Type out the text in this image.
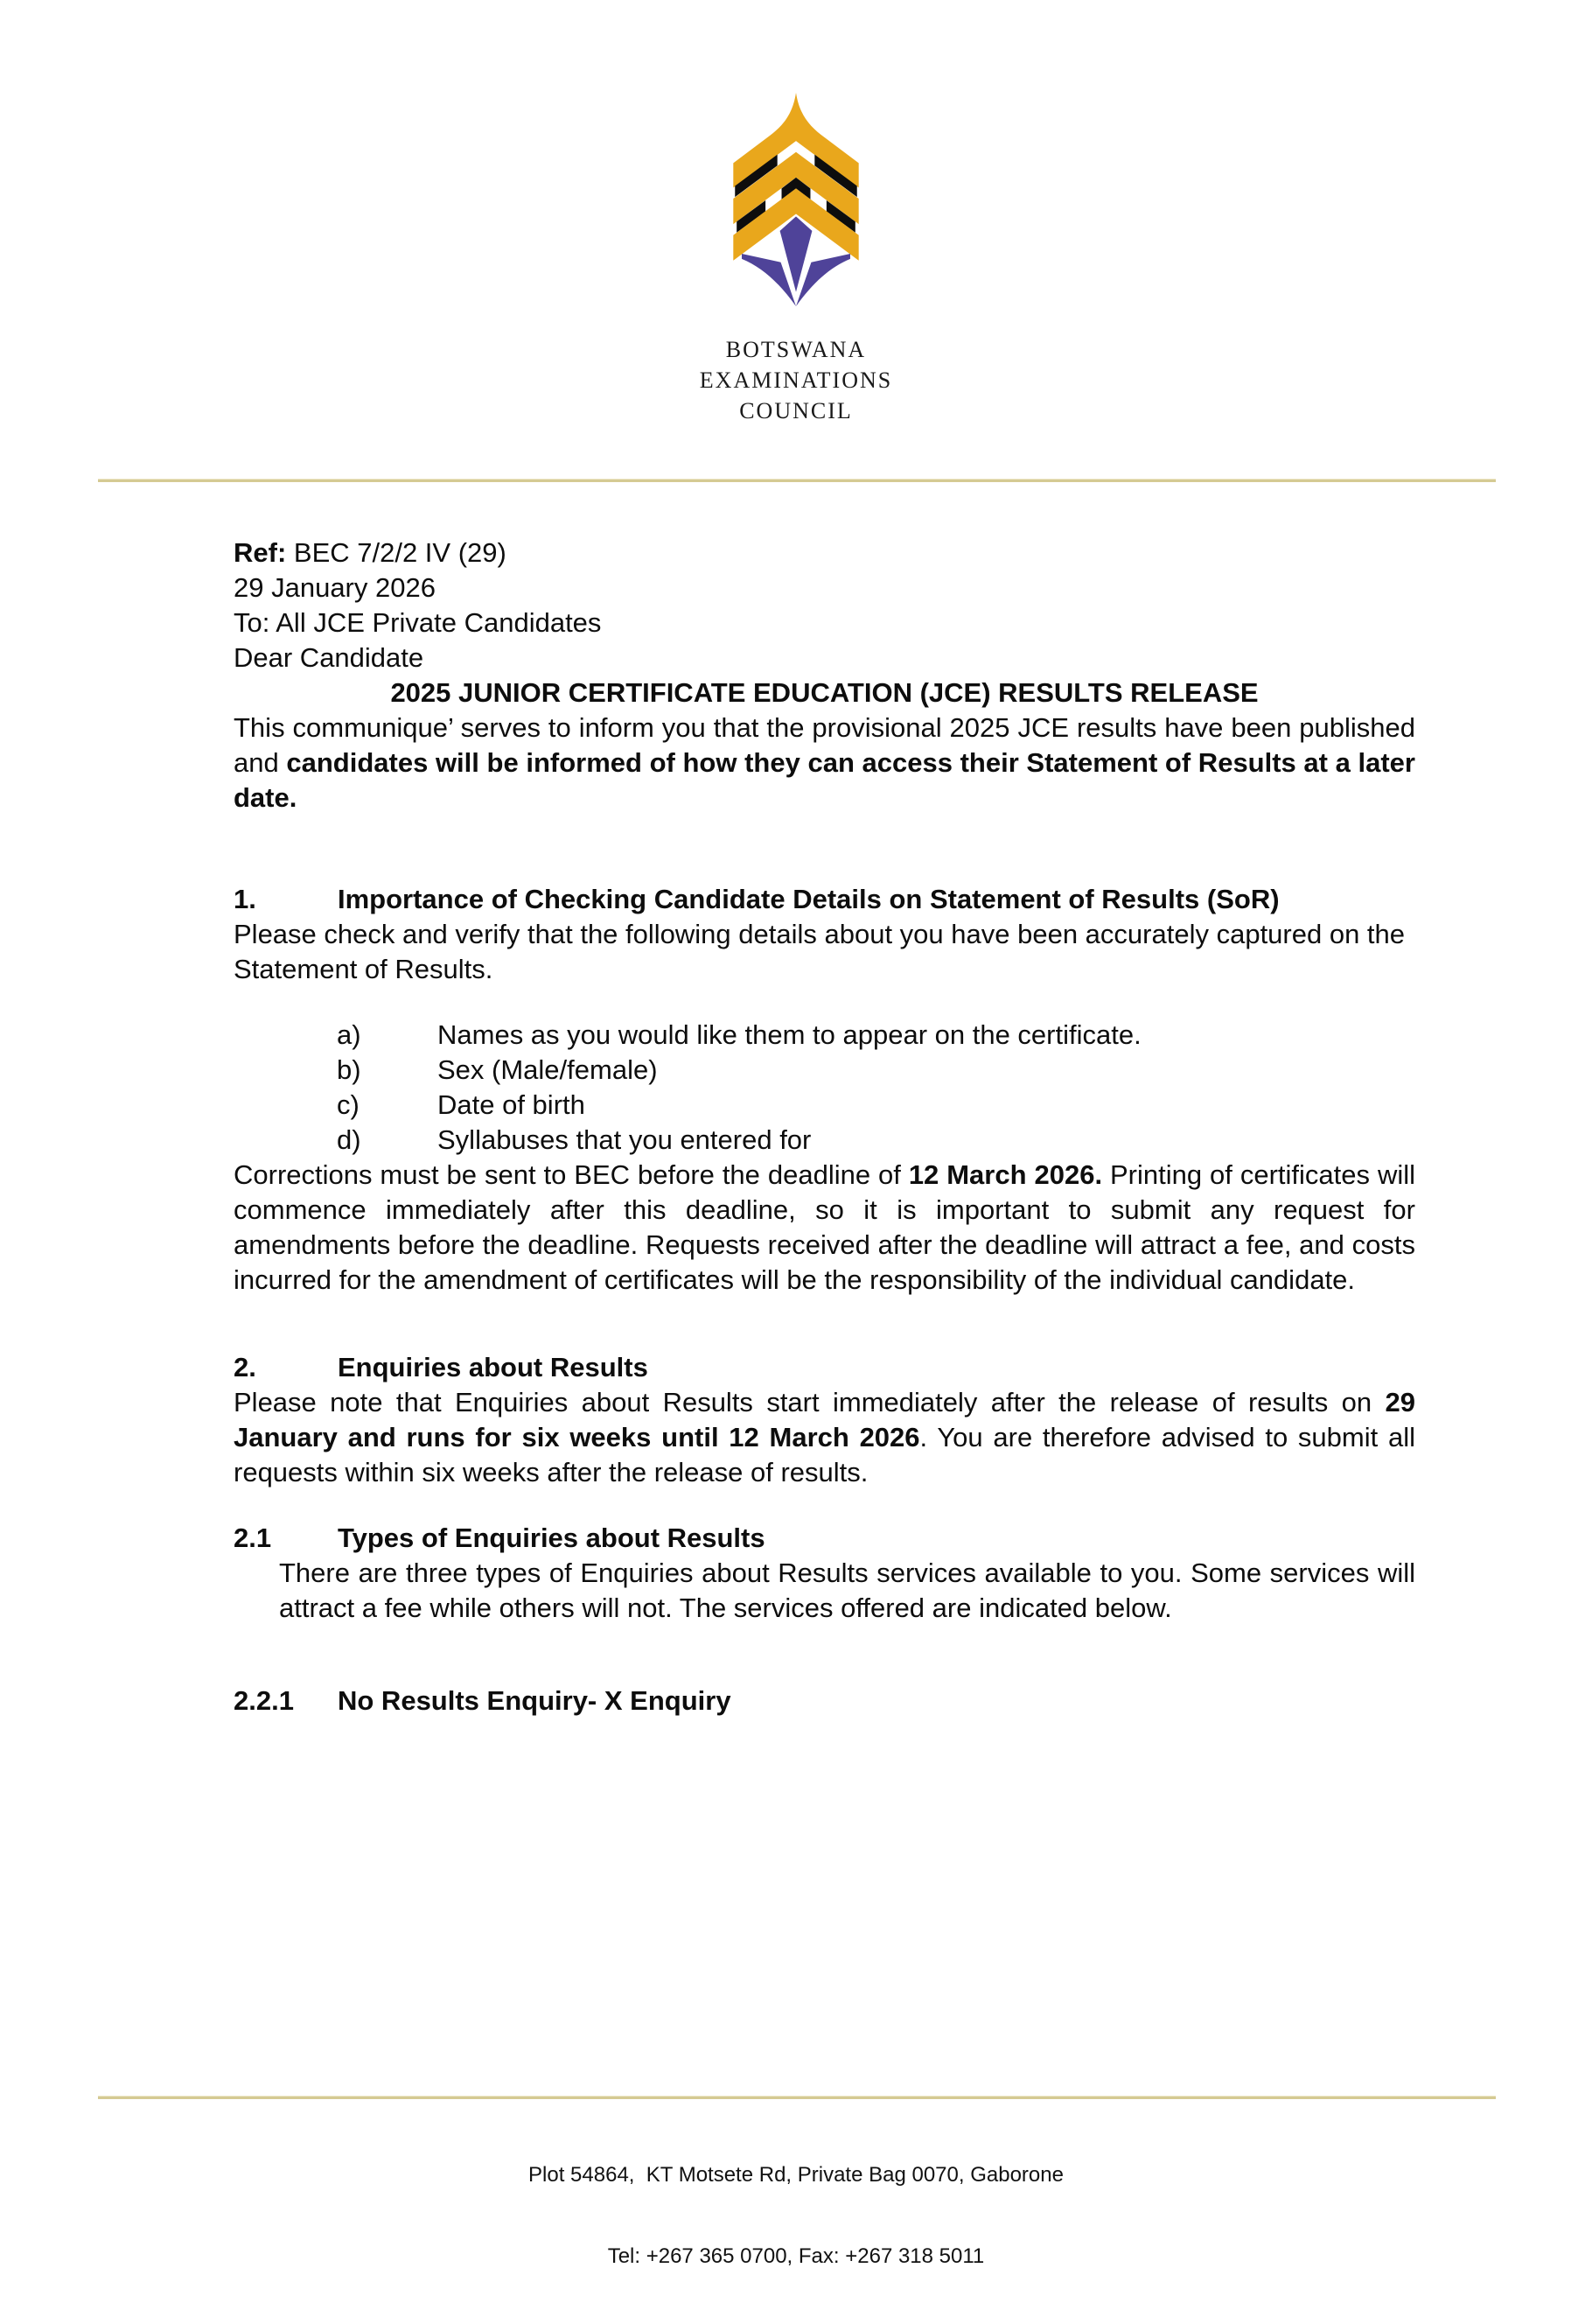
BOTSWANA
EXAMINATIONS
COUNCIL

Ref: BEC 7/2/2 IV (29)

29 January 2026

To: All JCE Private Candidates

Dear Candidate

2025 JUNIOR CERTIFICATE EDUCATION (JCE) RESULTS RELEASE

This communique’ serves to inform you that the provisional 2025 JCE results have been published and candidates will be informed of how they can access their Statement of Results at a later date.

1.	Importance of Checking Candidate Details on Statement of Results (SoR)

Please check and verify that the following details about you have been accurately captured on the Statement of Results.

a)	Names as you would like them to appear on the certificate.
b)	Sex (Male/female)
c)	Date of birth
d)	Syllabuses that you entered for

Corrections must be sent to BEC before the deadline of 12 March 2026. Printing of certificates will commence immediately after this deadline, so it is important to submit any request for amendments before the deadline. Requests received after the deadline will attract a fee, and costs incurred for the amendment of certificates will be the responsibility of the individual candidate.

2.	Enquiries about Results

Please note that Enquiries about Results start immediately after the release of results on 29 January and runs for six weeks until 12 March 2026. You are therefore advised to submit all requests within six weeks after the release of results.

2.1	Types of Enquiries about Results

There are three types of Enquiries about Results services available to you. Some services will attract a fee while others will not. The services offered are indicated below.

2.2.1	No Results Enquiry- X Enquiry

Plot 54864,  KT Motsete Rd, Private Bag 0070, Gaborone

Tel: +267 365 0700, Fax: +267 318 5011
